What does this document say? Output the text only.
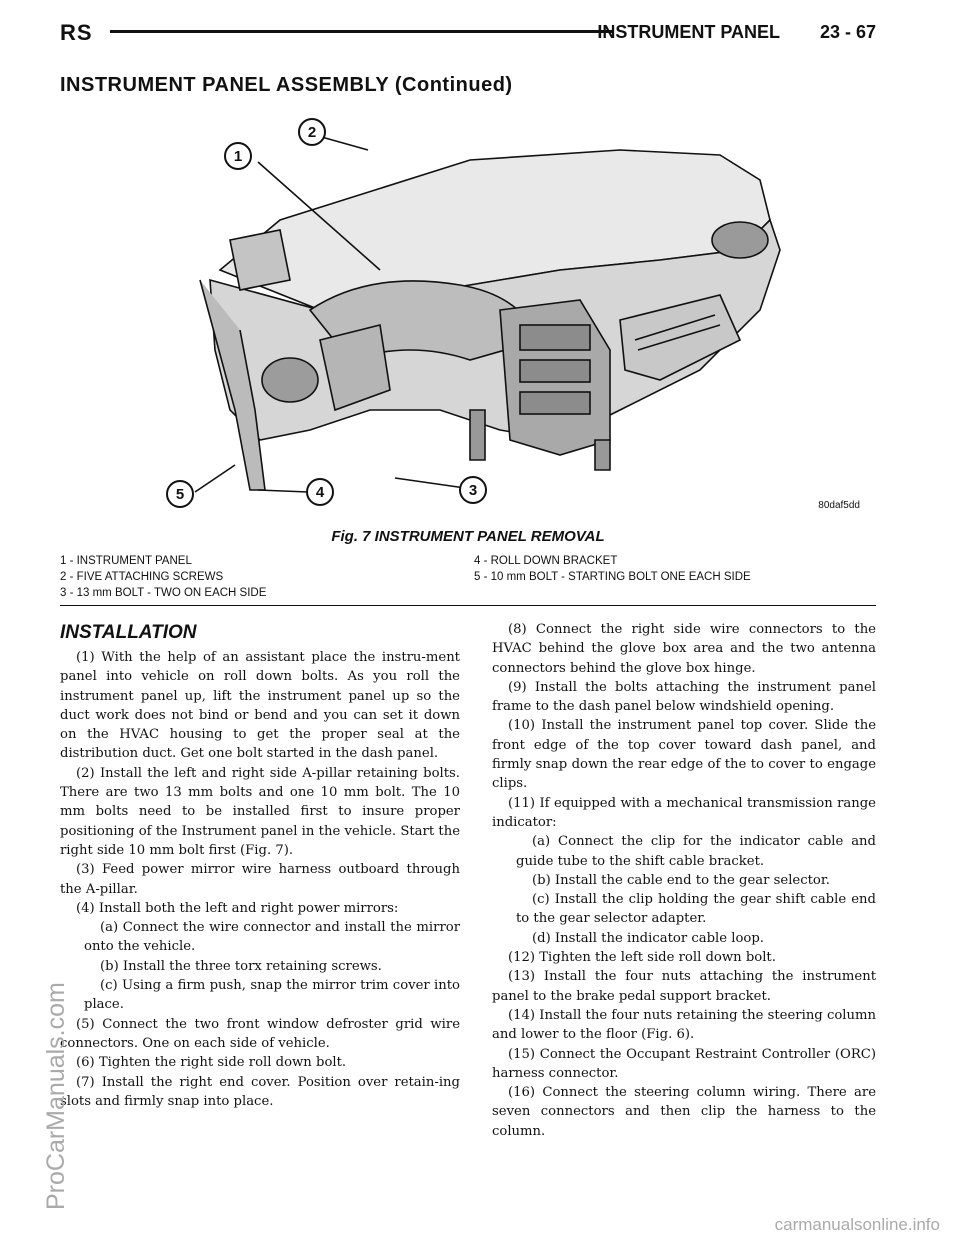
RS	INSTRUMENT PANEL 23 - 67
INSTRUMENT PANEL ASSEMBLY (Continued)
1
2
3
4
5
80daf5dd
Fig. 7 INSTRUMENT PANEL REMOVAL
1 - INSTRUMENT PANEL
2 - FIVE ATTACHING SCREWS
3 - 13 mm BOLT - TWO ON EACH SIDE
4 - ROLL DOWN BRACKET
5 - 10 mm BOLT - STARTING BOLT ONE EACH SIDE
INSTALLATION

(1) With the help of an assistant place the instru-ment panel into vehicle on roll down bolts. As you roll the instrument panel up, lift the instrument panel up so the duct work does not bind or bend and you can set it down on the HVAC housing to get the proper seal at the distribution duct. Get one bolt started in the dash panel.

(2) Install the left and right side A-pillar retaining bolts. There are two 13 mm bolts and one 10 mm bolt. The 10 mm bolts need to be installed first to insure proper positioning of the Instrument panel in the vehicle. Start the right side 10 mm bolt first (Fig. 7).

(3) Feed power mirror wire harness outboard through the A-pillar.

(4) Install both the left and right power mirrors:

(a) Connect the wire connector and install the mirror onto the vehicle.

(b) Install the three torx retaining screws.

(c) Using a firm push, snap the mirror trim cover into place.

(5) Connect the two front window defroster grid wire connectors. One on each side of vehicle.

(6) Tighten the right side roll down bolt.

(7) Install the right end cover. Position over retain-ing slots and firmly snap into place.

(8) Connect the right side wire connectors to the HVAC behind the glove box area and the two antenna connectors behind the glove box hinge.

(9) Install the bolts attaching the instrument panel frame to the dash panel below windshield opening.

(10) Install the instrument panel top cover. Slide the front edge of the top cover toward dash panel, and firmly snap down the rear edge of the to cover to engage clips.

(11) If equipped with a mechanical transmission range indicator:

(a) Connect the clip for the indicator cable and guide tube to the shift cable bracket.

(b) Install the cable end to the gear selector.

(c) Install the clip holding the gear shift cable end to the gear selector adapter.

(d) Install the indicator cable loop.

(12) Tighten the left side roll down bolt.

(13) Install the four nuts attaching the instrument panel to the brake pedal support bracket.

(14) Install the four nuts retaining the steering column and lower to the floor (Fig. 6).

(15) Connect the Occupant Restraint Controller (ORC) harness connector.

(16) Connect the steering column wiring. There are seven connectors and then clip the harness to the column.

ProCarManuals.com
carmanualsonline.info
